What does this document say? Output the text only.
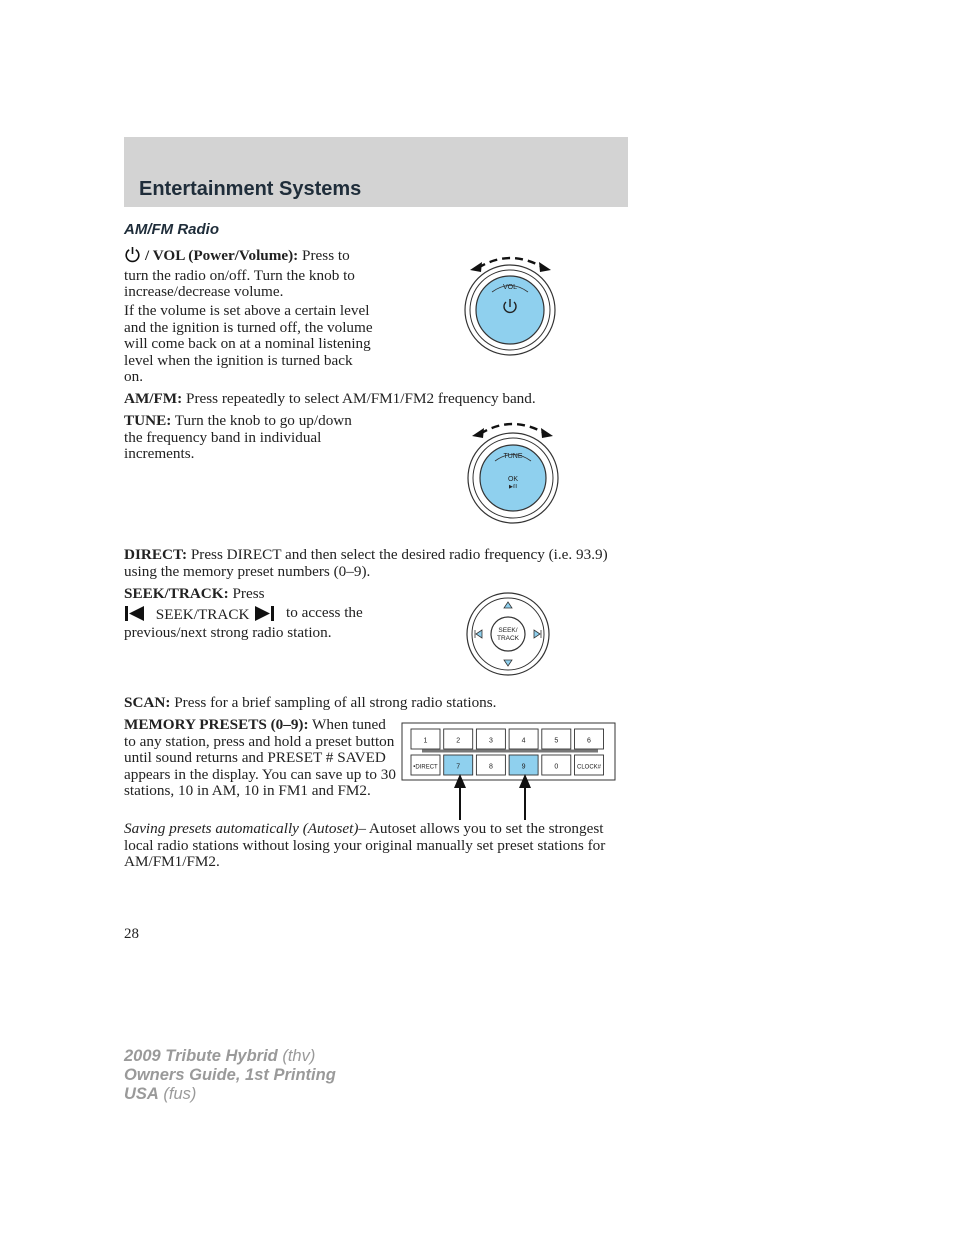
Entertainment Systems
AM/FM Radio

/ VOL (Power/Volume): Press to turn the radio on/off. Turn the knob to increase/decrease volume.

If the volume is set above a certain level and the ignition is turned off, the volume will come back on at a nominal listening level when the ignition is turned back on.

VOL

AM/FM: Press repeatedly to select AM/FM1/FM2 frequency band.

TUNE: Turn the knob to go up/down the frequency band in individual increments.	TUNE
OK
▶/II

DIRECT: Press DIRECT and then select the desired radio frequency (i.e. 93.9) using the memory preset numbers (0–9).

SEEK/TRACK: Press

SEEK/TRACK	to access the

previous/next strong radio station.	SEEK/
TRACK

SCAN: Press for a brief sampling of all strong radio stations.

MEMORY PRESETS (0–9): When tuned to any station, press and hold a preset button until sound returns and PRESET # SAVED appears in the display. You can save up to 30 stations, 10 in AM, 10 in FM1 and FM2.

1	2	3	4	5	6
•DIRECT	7	8	9	0	CLOCK#

Saving presets automatically (Autoset)– Autoset allows you to set the strongest local radio stations without losing your original manually set preset stations for AM/FM1/FM2.

28
2009 Tribute Hybrid (thv)
Owners Guide, 1st Printing
USA (fus)
